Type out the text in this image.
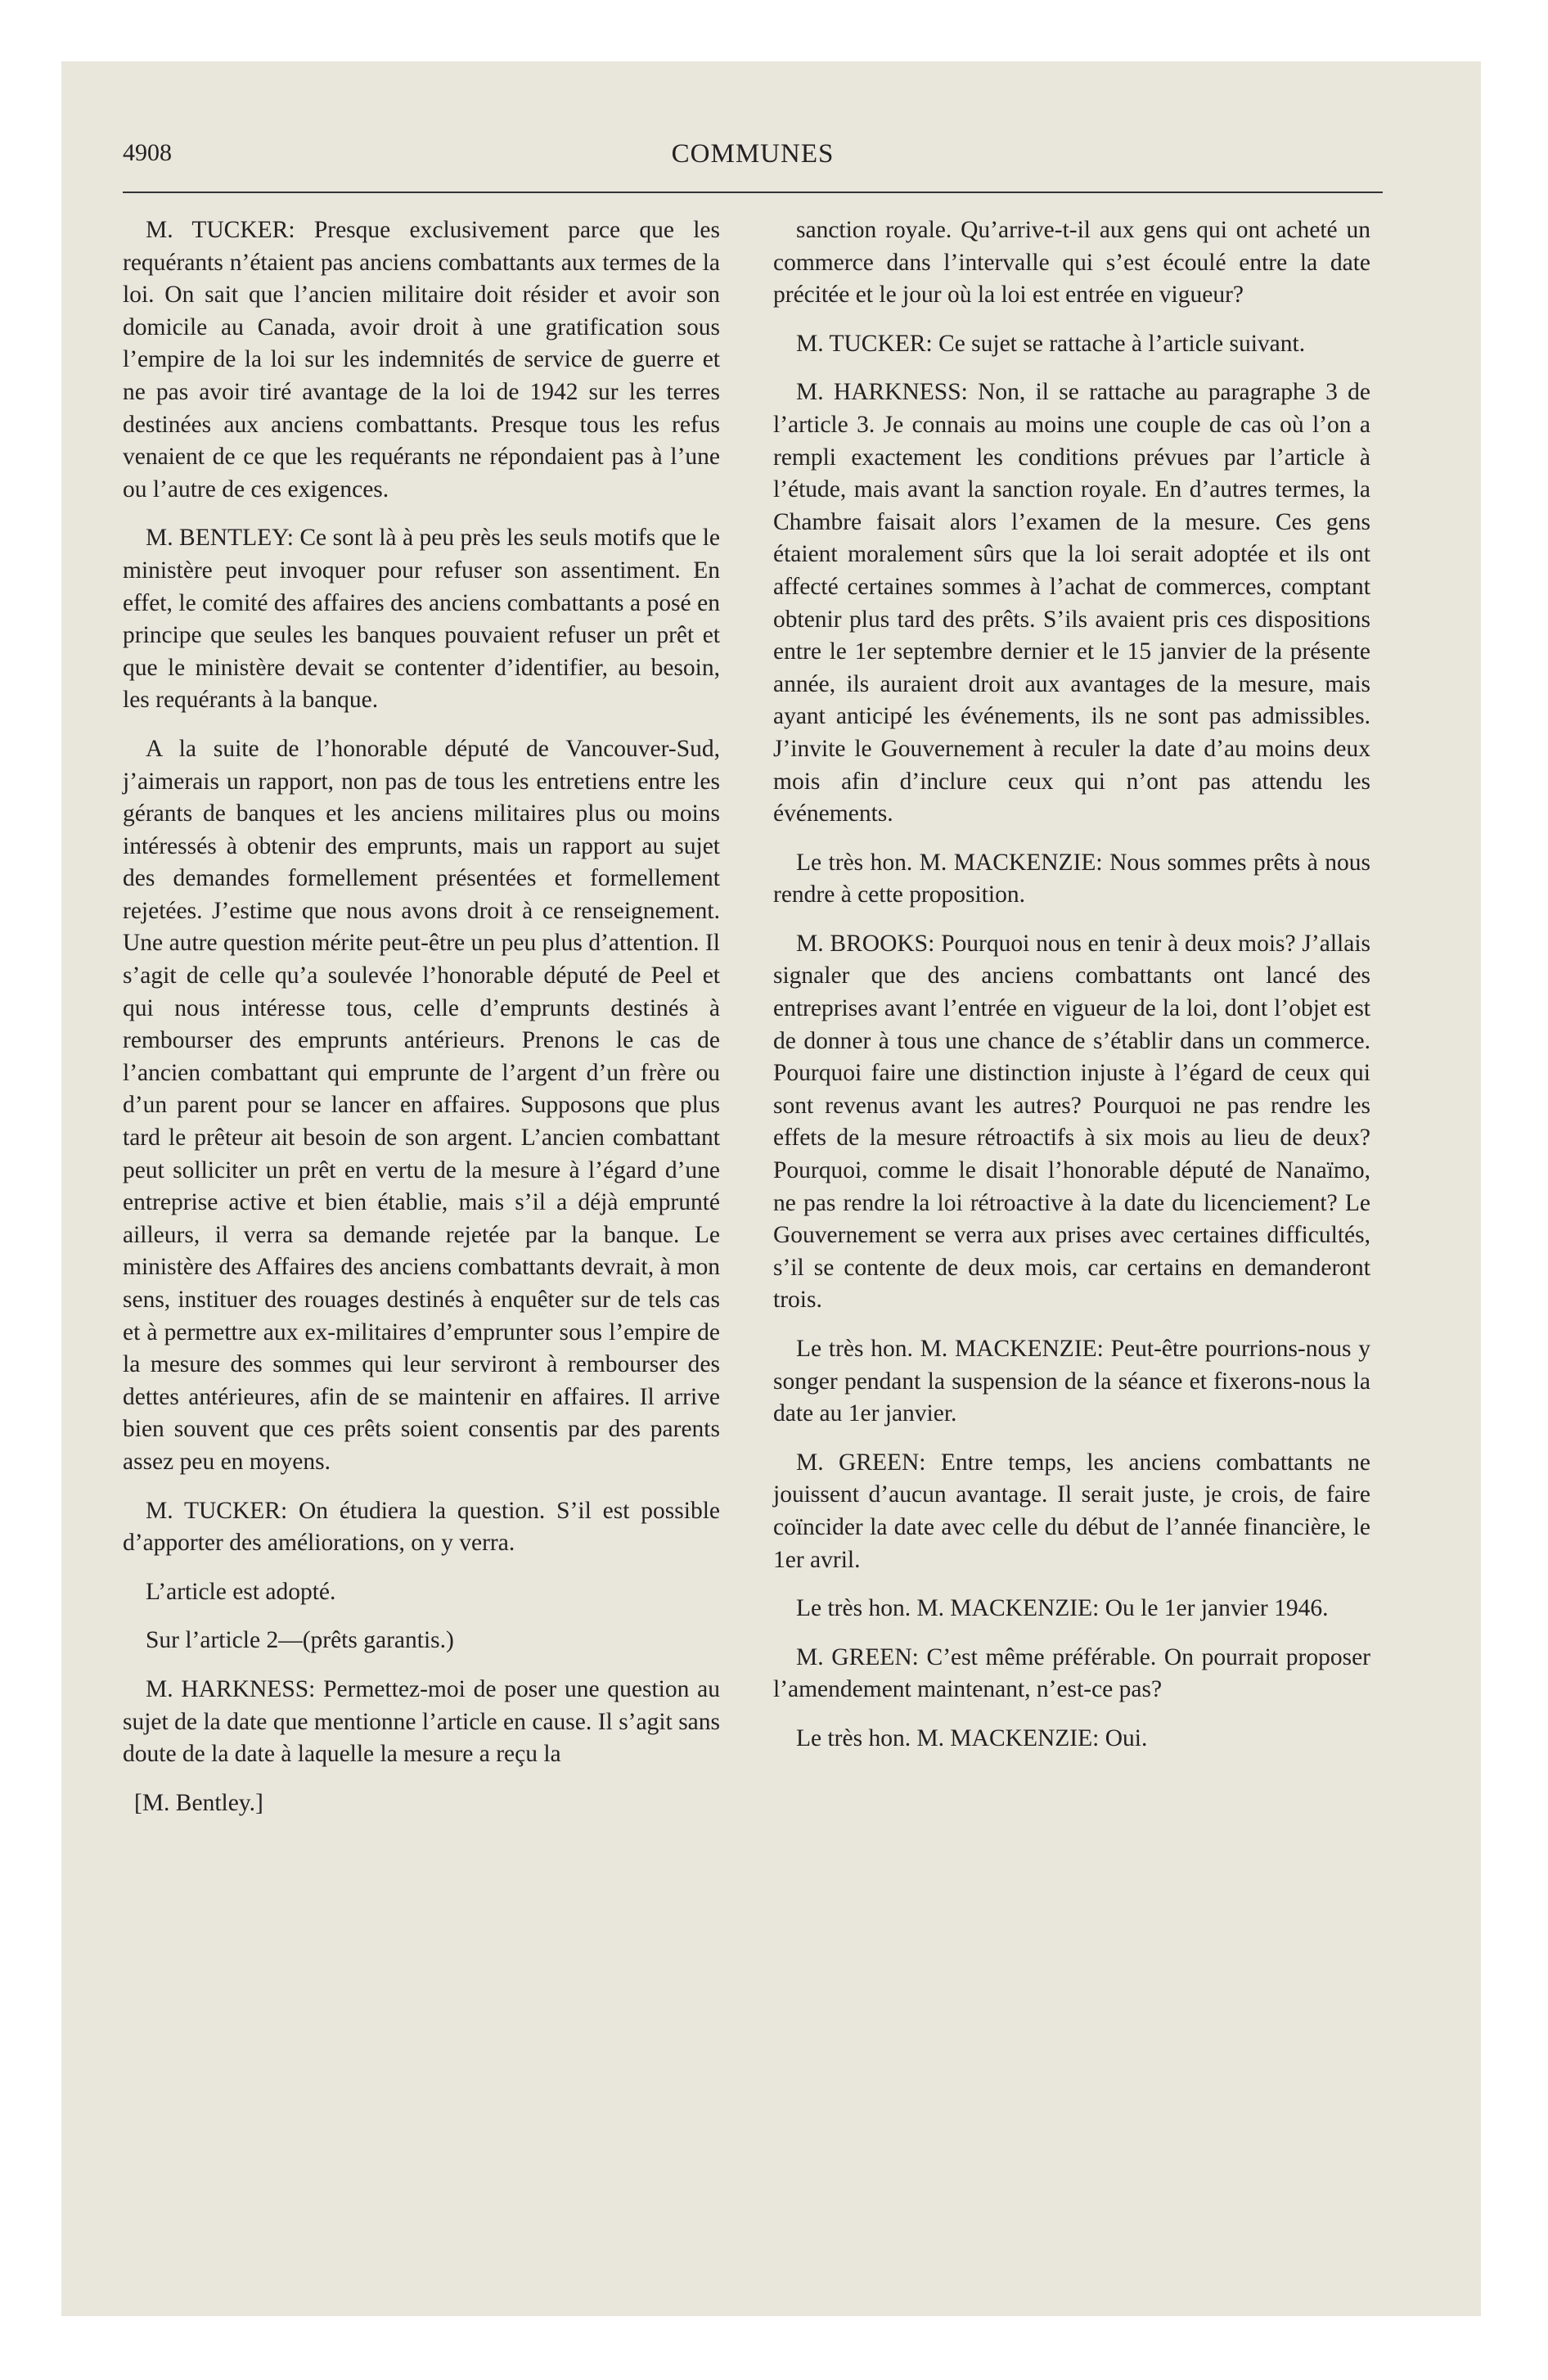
4908	COMMUNES

M. TUCKER: Presque exclusivement parce que les requérants n’étaient pas anciens combattants aux termes de la loi. On sait que l’ancien militaire doit résider et avoir son domicile au Canada, avoir droit à une gratification sous l’empire de la loi sur les indemnités de service de guerre et ne pas avoir tiré avantage de la loi de 1942 sur les terres destinées aux anciens combattants. Presque tous les refus venaient de ce que les requérants ne répondaient pas à l’une ou l’autre de ces exigences.

M. BENTLEY: Ce sont là à peu près les seuls motifs que le ministère peut invoquer pour refuser son assentiment. En effet, le comité des affaires des anciens combattants a posé en principe que seules les banques pouvaient refuser un prêt et que le ministère devait se contenter d’identifier, au besoin, les requérants à la banque.

A la suite de l’honorable député de Vancouver-Sud, j’aimerais un rapport, non pas de tous les entretiens entre les gérants de banques et les anciens militaires plus ou moins intéressés à obtenir des emprunts, mais un rapport au sujet des demandes formellement présentées et formellement rejetées. J’estime que nous avons droit à ce renseignement. Une autre question mérite peut-être un peu plus d’attention. Il s’agit de celle qu’a soulevée l’honorable député de Peel et qui nous intéresse tous, celle d’emprunts destinés à rembourser des emprunts antérieurs. Prenons le cas de l’ancien combattant qui emprunte de l’argent d’un frère ou d’un parent pour se lancer en affaires. Supposons que plus tard le prêteur ait besoin de son argent. L’ancien combattant peut solliciter un prêt en vertu de la mesure à l’égard d’une entreprise active et bien établie, mais s’il a déjà emprunté ailleurs, il verra sa demande rejetée par la banque. Le ministère des Affaires des anciens combattants devrait, à mon sens, instituer des rouages destinés à enquêter sur de tels cas et à permettre aux ex-militaires d’emprunter sous l’empire de la mesure des sommes qui leur serviront à rembourser des dettes antérieures, afin de se maintenir en affaires. Il arrive bien souvent que ces prêts soient consentis par des parents assez peu en moyens.

M. TUCKER: On étudiera la question. S’il est possible d’apporter des améliorations, on y verra.

L’article est adopté.

Sur l’article 2—(prêts garantis.)

M. HARKNESS: Permettez-moi de poser une question au sujet de la date que mentionne l’article en cause. Il s’agit sans doute de la date à laquelle la mesure a reçu la

[M. Bentley.]

sanction royale. Qu’arrive-t-il aux gens qui ont acheté un commerce dans l’intervalle qui s’est écoulé entre la date précitée et le jour où la loi est entrée en vigueur?

M. TUCKER: Ce sujet se rattache à l’article suivant.

M. HARKNESS: Non, il se rattache au paragraphe 3 de l’article 3. Je connais au moins une couple de cas où l’on a rempli exactement les conditions prévues par l’article à l’étude, mais avant la sanction royale. En d’autres termes, la Chambre faisait alors l’examen de la mesure. Ces gens étaient moralement sûrs que la loi serait adoptée et ils ont affecté certaines sommes à l’achat de commerces, comptant obtenir plus tard des prêts. S’ils avaient pris ces dispositions entre le 1er septembre dernier et le 15 janvier de la présente année, ils auraient droit aux avantages de la mesure, mais ayant anticipé les événements, ils ne sont pas admissibles. J’invite le Gouvernement à reculer la date d’au moins deux mois afin d’inclure ceux qui n’ont pas attendu les événements.

Le très hon. M. MACKENZIE: Nous sommes prêts à nous rendre à cette proposition.

M. BROOKS: Pourquoi nous en tenir à deux mois? J’allais signaler que des anciens combattants ont lancé des entreprises avant l’entrée en vigueur de la loi, dont l’objet est de donner à tous une chance de s’établir dans un commerce. Pourquoi faire une distinction injuste à l’égard de ceux qui sont revenus avant les autres? Pourquoi ne pas rendre les effets de la mesure rétroactifs à six mois au lieu de deux? Pourquoi, comme le disait l’honorable député de Nanaïmo, ne pas rendre la loi rétroactive à la date du licenciement? Le Gouvernement se verra aux prises avec certaines difficultés, s’il se contente de deux mois, car certains en demanderont trois.

Le très hon. M. MACKENZIE: Peut-être pourrions-nous y songer pendant la suspension de la séance et fixerons-nous la date au 1er janvier.

M. GREEN: Entre temps, les anciens combattants ne jouissent d’aucun avantage. Il serait juste, je crois, de faire coïncider la date avec celle du début de l’année financière, le 1er avril.

Le très hon. M. MACKENZIE: Ou le 1er janvier 1946.

M. GREEN: C’est même préférable. On pourrait proposer l’amendement maintenant, n’est-ce pas?

Le très hon. M. MACKENZIE: Oui.
